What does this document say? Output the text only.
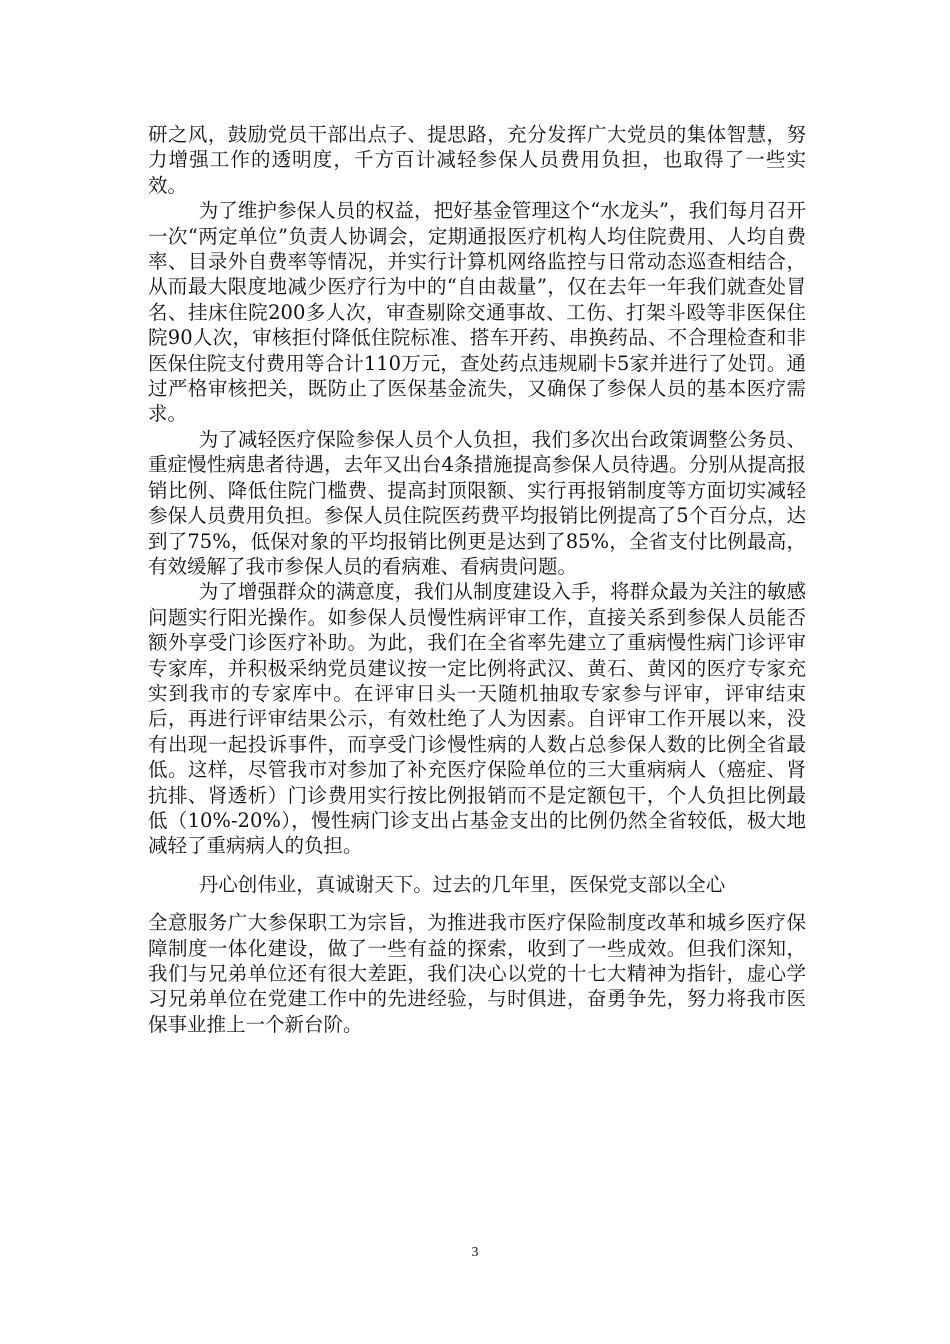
研之风，鼓励党员干部出点子、提思路，充分发挥广大党员的集体智慧，努力增强工作的透明度，千方百计减轻参保人员费用负担，也取得了一些实效。

为了维护参保人员的权益，把好基金管理这个“水龙头”，我们每月召开一次“两定单位”负责人协调会，定期通报医疗机构人均住院费用、人均自费率、目录外自费率等情况，并实行计算机网络监控与日常动态巡查相结合，从而最大限度地减少医疗行为中的“自由裁量”，仅在去年一年我们就查处冒名、挂床住院200多人次，审查剔除交通事故、工伤、打架斗殴等非医保住院90人次，审核拒付降低住院标准、搭车开药、串换药品、不合理检查和非医保住院支付费用等合计110万元，查处药点违规刷卡5家并进行了处罚。通过严格审核把关，既防止了医保基金流失，又确保了参保人员的基本医疗需求。

为了减轻医疗保险参保人员个人负担，我们多次出台政策调整公务员、重症慢性病患者待遇，去年又出台4条措施提高参保人员待遇。分别从提高报销比例、降低住院门槛费、提高封顶限额、实行再报销制度等方面切实减轻参保人员费用负担。参保人员住院医药费平均报销比例提高了5个百分点，达到了75%，低保对象的平均报销比例更是达到了85%，全省支付比例最高，有效缓解了我市参保人员的看病难、看病贵问题。

为了增强群众的满意度，我们从制度建设入手，将群众最为关注的敏感问题实行阳光操作。如参保人员慢性病评审工作，直接关系到参保人员能否额外享受门诊医疗补助。为此，我们在全省率先建立了重病慢性病门诊评审专家库，并积极采纳党员建议按一定比例将武汉、黄石、黄冈的医疗专家充实到我市的专家库中。在评审日头一天随机抽取专家参与评审，评审结束后，再进行评审结果公示，有效杜绝了人为因素。自评审工作开展以来，没有出现一起投诉事件，而享受门诊慢性病的人数占总参保人数的比例全省最低。这样，尽管我市对参加了补充医疗保险单位的三大重病病人（癌症、肾抗排、肾透析）门诊费用实行按比例报销而不是定额包干，个人负担比例最低（10%-20%），慢性病门诊支出占基金支出的比例仍然全省较低，极大地减轻了重病病人的负担。

丹心创伟业，真诚谢天下。过去的几年里，医保党支部以全心

全意服务广大参保职工为宗旨，为推进我市医疗保险制度改革和城乡医疗保障制度一体化建设，做了一些有益的探索，收到了一些成效。但我们深知，我们与兄弟单位还有很大差距，我们决心以党的十七大精神为指针，虚心学习兄弟单位在党建工作中的先进经验，与时俱进，奋勇争先，努力将我市医保事业推上一个新台阶。

3
